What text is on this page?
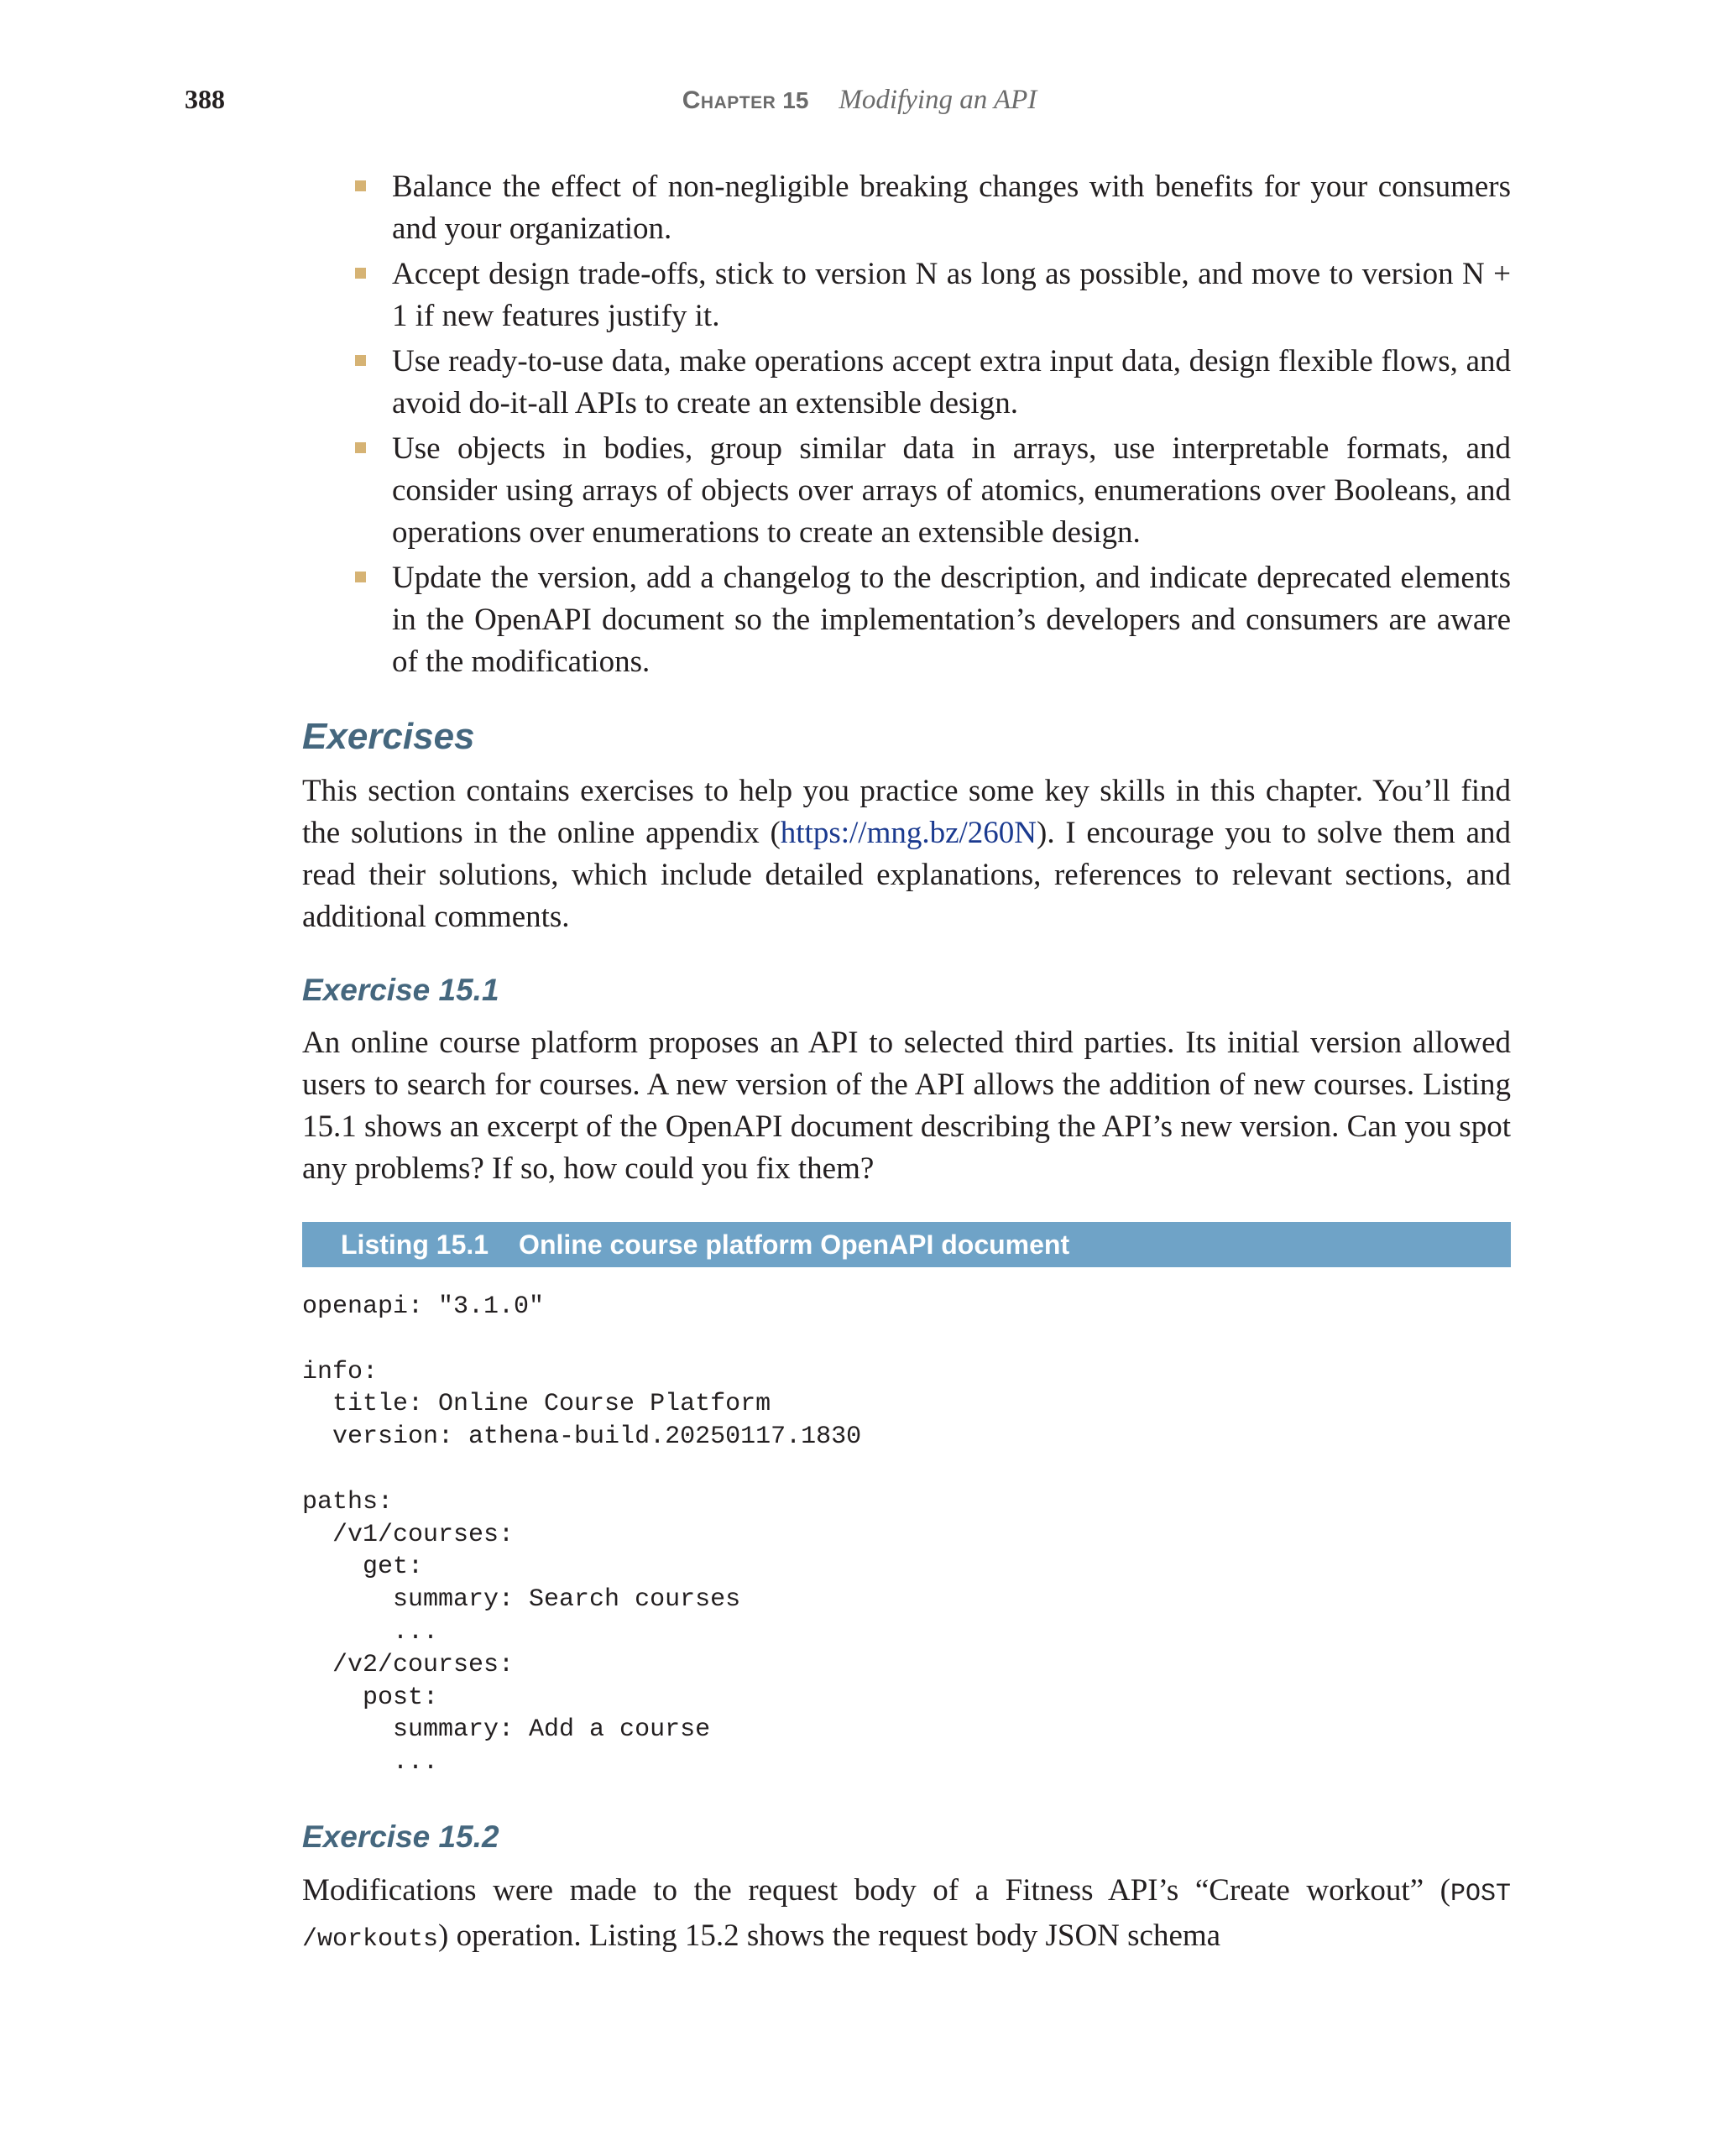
388	Chapter 15 Modifying an API
Balance the effect of non-negligible breaking changes with benefits for your consumers and your organization.
Accept design trade-offs, stick to version N as long as possible, and move to version N + 1 if new features justify it.
Use ready-to-use data, make operations accept extra input data, design flexible flows, and avoid do-it-all APIs to create an extensible design.
Use objects in bodies, group similar data in arrays, use interpretable formats, and consider using arrays of objects over arrays of atomics, enumerations over Booleans, and operations over enumerations to create an extensible design.
Update the version, add a changelog to the description, and indicate deprecated elements in the OpenAPI document so the implementation’s developers and consumers are aware of the modifications.
Exercises

This section contains exercises to help you practice some key skills in this chapter. You’ll find the solutions in the online appendix (https://mng.bz/260N). I encourage you to solve them and read their solutions, which include detailed explanations, references to relevant sections, and additional comments.

Exercise 15.1

An online course platform proposes an API to selected third parties. Its initial version allowed users to search for courses. A new version of the API allows the addition of new courses. Listing 15.1 shows an excerpt of the OpenAPI document describing the API’s new version. Can you spot any problems? If so, how could you fix them?

Listing 15.1 Online course platform OpenAPI document
openapi: "3.1.0"
info:
title: Online Course Platform
version: athena-build.20250117.1830
paths:
/v1/courses:
get:
summary: Search courses
...
/v2/courses:
post:
summary: Add a course
...
Exercise 15.2

Modifications were made to the request body of a Fitness API’s “Create workout” (POST /workouts) operation. Listing 15.2 shows the request body JSON schema
